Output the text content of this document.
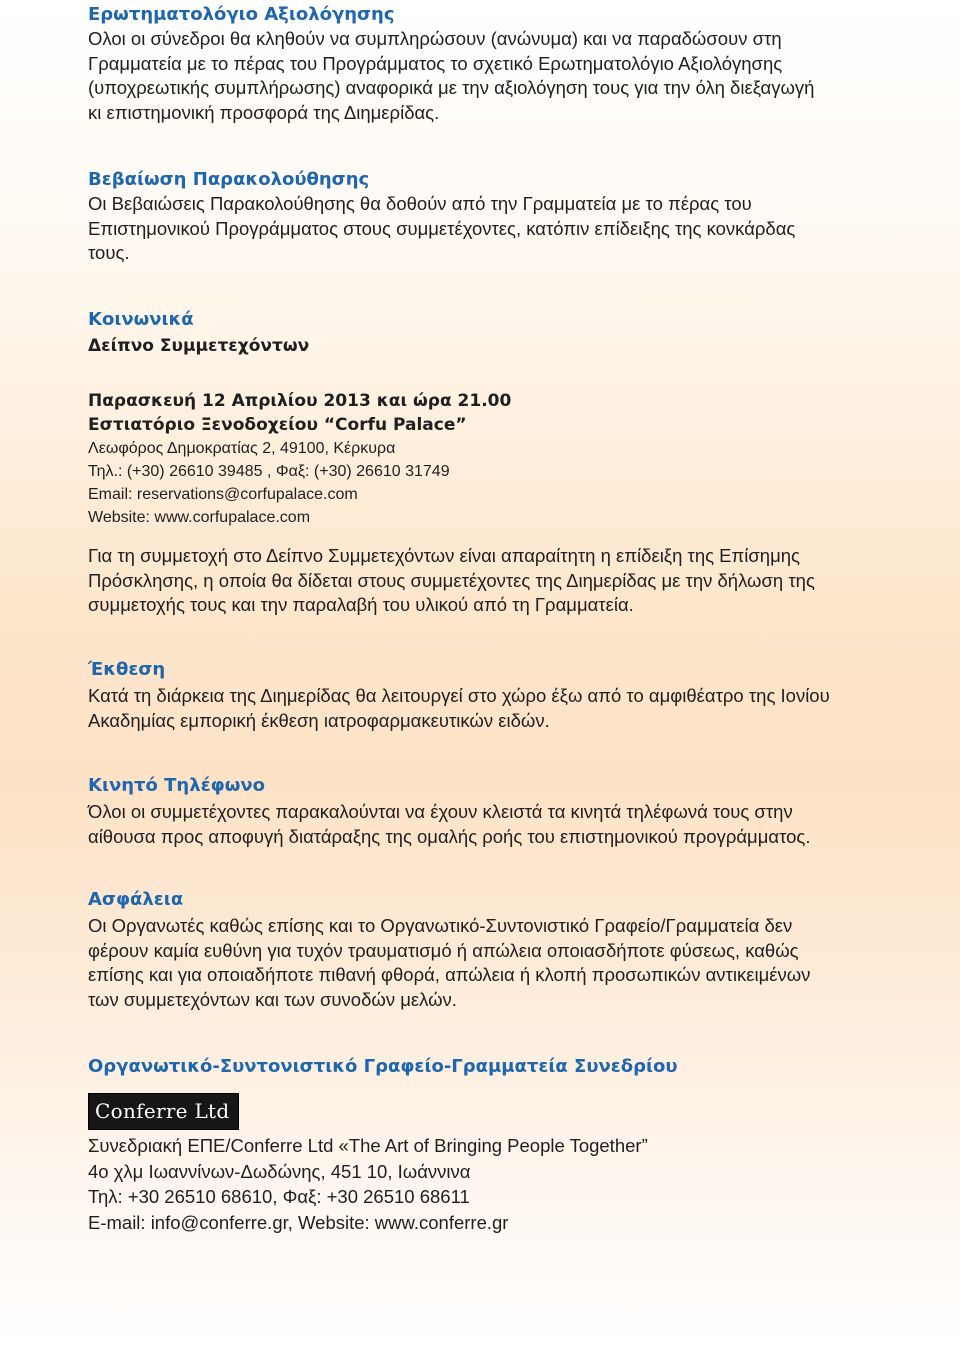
Ερωτηματολόγιο Αξιολόγησης

Ολοι οι σύνεδροι θα κληθούν να συμπληρώσουν (ανώνυμα) και να παραδώσουν στη

Γραμματεία με το πέρας του Προγράμματος το σχετικό Ερωτηματολόγιο Αξιολόγησης

(υποχρεωτικής συμπλήρωσης) αναφορικά με την αξιολόγηση τους για την όλη διεξαγωγή

κι επιστημονική προσφορά της Διημερίδας.

Βεβαίωση Παρακολούθησης

Οι Βεβαιώσεις Παρακολούθησης θα δοθούν από την Γραμματεία με το πέρας του

Επιστημονικού Προγράμματος στους συμμετέχοντες, κατόπιν επίδειξης της κονκάρδας

τους.

Κοινωνικά

Δείπνο Συμμετεχόντων

Παρασκευή 12 Απριλίου 2013 και ώρα 21.00

Εστιατόριο Ξενοδοχείου “Corfu Palace”

Λεωφόρος Δημοκρατίας 2, 49100, Κέρκυρα

Τηλ.: (+30) 26610 39485 , Φαξ: (+30) 26610 31749

Email: reservations@corfupalace.com

Website: www.corfupalace.com

Για τη συμμετοχή στο Δείπνο Συμμετεχόντων είναι απαραίτητη η επίδειξη της Επίσημης

Πρόσκλησης, η οποία θα δίδεται στους συμμετέχοντες της Διημερίδας με την δήλωση της

συμμετοχής τους και την παραλαβή του υλικού από τη Γραμματεία.

Έκθεση

Κατά τη διάρκεια της Διημερίδας θα λειτουργεί στο χώρο έξω από το αμφιθέατρο της Ιονίου

Ακαδημίας εμπορική έκθεση ιατροφαρμακευτικών ειδών.

Κινητό Τηλέφωνο

Όλοι οι συμμετέχοντες παρακαλούνται να έχουν κλειστά τα κινητά τηλέφωνά τους στην

αίθουσα προς αποφυγή διατάραξης της ομαλής ροής του επιστημονικού προγράμματος.

Ασφάλεια

Οι Οργανωτές καθώς επίσης και το Οργανωτικό-Συντονιστικό Γραφείο/Γραμματεία δεν

φέρουν καμία ευθύνη για τυχόν τραυματισμό ή απώλεια οποιασδήποτε φύσεως, καθώς

επίσης και για οποιαδήποτε πιθανή φθορά, απώλεια ή κλοπή προσωπικών αντικειμένων

των συμμετεχόντων και των συνοδών μελών.

Οργανωτικό-Συντονιστικό Γραφείο-Γραμματεία Συνεδρίου

Conferre Ltd

Συνεδριακή ΕΠΕ/Conferre Ltd «The Art of Bringing People Together”

4ο χλμ Ιωαννίνων-Δωδώνης, 451 10, Ιωάννινα

Τηλ: +30 26510 68610, Φαξ: +30 26510 68611

E-mail: info@conferre.gr, Website: www.conferre.gr
